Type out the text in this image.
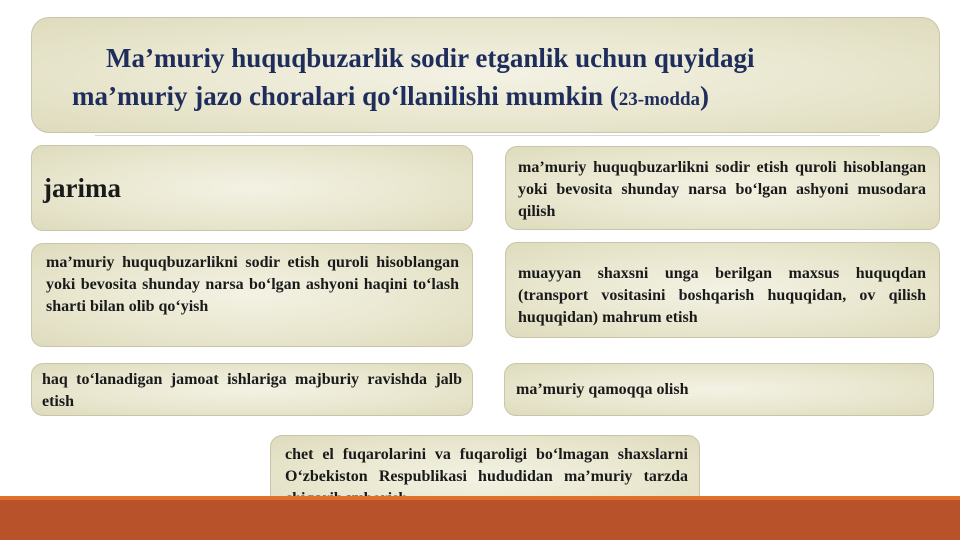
Ma’muriy huquqbuzarlik sodir etganlik uchun quyidagi
ma’muriy jazo choralari qo‘llanilishi mumkin (23-modda)
jarima
ma’muriy huquqbuzarlikni sodir etish quroli hisoblangan yoki bevosita shunday narsa bo‘lgan ashyoni musodara qilish
ma’muriy huquqbuzarlikni sodir etish quroli hisoblangan yoki bevosita shunday narsa bo‘lgan ashyoni haqini to‘lash sharti bilan olib qo‘yish
muayyan shaxsni unga berilgan maxsus huquqdan (transport vositasini boshqarish huquqidan, ov qilish huquqidan) mahrum etish
haq to‘lanadigan jamoat ishlariga majburiy ravishda jalb etish
ma’muriy qamoqqa olish
chet el fuqarolarini va fuqaroligi bo‘lmagan shaxslarni O‘zbekiston Respublikasi hududidan ma’muriy tarzda
